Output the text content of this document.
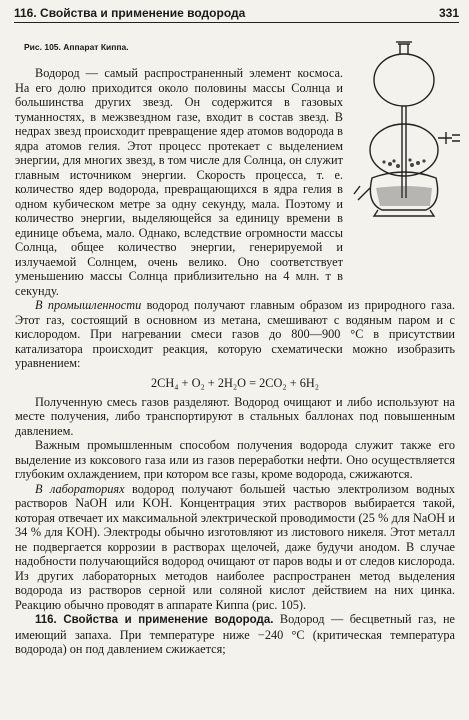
116. Свойства и применение водорода	331
Рис. 105. Аппарат Киппа.

Водород — самый распространенный элемент космоса. На его долю приходится около половины массы Солнца и большинства других звезд. Он содержится в газовых туманностях, в межзвездном газе, входит в состав звезд. В недрах звезд происходит превращение ядер атомов водорода в ядра атомов гелия. Этот процесс протекает с выделением энергии, для многих звезд, в том числе для Солнца, он служит главным источником энергии. Скорость процесса, т. е. количество ядер водорода, превращающихся в ядра гелия в одном кубическом метре за одну секунду, мала. Поэтому и количество энергии, выделяющейся за единицу времени в единице объема, мало. Однако, вследствие огромности массы Солнца, общее количество энергии, генерируемой и излучаемой Солнцем, очень велико. Оно соответствует уменьшению массы Солнца приблизительно на 4 млн. т в секунду.

В промышленности водород получают главным образом из природного газа. Этот газ, состоящий в основном из метана, смешивают с водяным паром и с кислородом. При нагревании смеси газов до 800—900 °С в присутствии катализатора происходит реакция, которую схематически можно изобразить уравнением:

2CH₄ + O₂ + 2H₂O = 2CO₂ + 6H₂

Полученную смесь газов разделяют. Водород очищают и либо используют на месте получения, либо транспортируют в стальных баллонах под повышенным давлением.

Важным промышленным способом получения водорода служит также его выделение из коксового газа или из газов переработки нефти. Оно осуществляется глубоким охлаждением, при котором все газы, кроме водорода, сжижаются.

В лабораториях водород получают большей частью электролизом водных растворов NaOH или KOH. Концентрация этих растворов выбирается такой, которая отвечает их максимальной электрической проводимости (25 % для NaOH и 34 % для KOH). Электроды обычно изготовляют из листового никеля. Этот металл не подвергается коррозии в растворах щелочей, даже будучи анодом. В случае надобности получающийся водород очищают от паров воды и от следов кислорода. Из других лабораторных методов наиболее распространен метод выделения водорода из растворов серной или соляной кислот действием на них цинка. Реакцию обычно проводят в аппарате Киппа (рис. 105).

116. Свойства и применение водорода. Водород — бесцветный газ, не имеющий запаха. При температуре ниже −240 °С (критическая температура водорода) он под давлением сжижается;
